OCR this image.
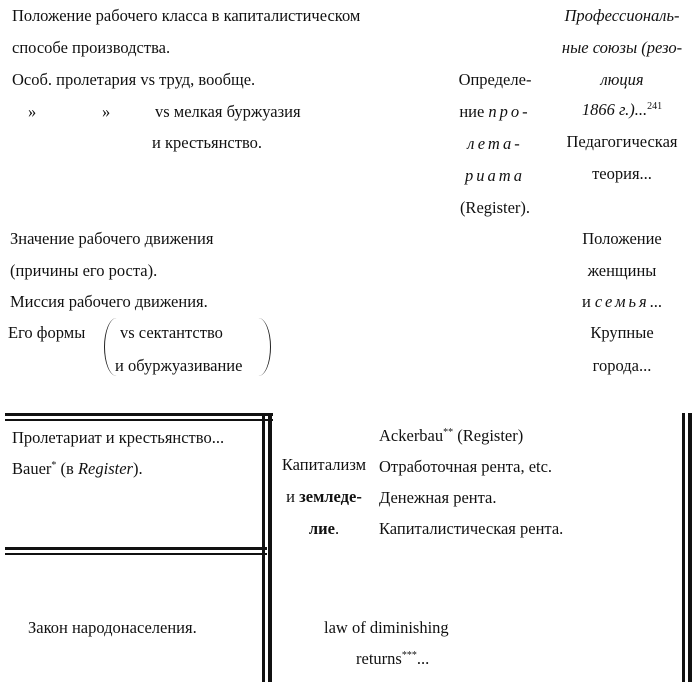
Положение рабочего класса в капиталистическом
способе производства.
Особ. пролетария vs труд, вообще.
»	»	vs мелкая буржуазия
и крестьянство.
Определе-
ние про-
лета-
риата
(Register).
Профессиональ-
ные союзы (резо-
люция
1866 г.)...$^{241}$
Педагогическая
теория...
Значение рабочего движения
(причины его роста).
Миссия рабочего движения.
Его формы vs сектантство
и обуржуазивание
Положение
женщины
и семья...
Крупные
города...
Пролетариат и крестьянство...
Bauer* (в Register).	Капитализм
и земледе-
лие.
Ackerbau** (Register)
Отработочная рента, etc.
Денежная рента.
Капиталистическая рента.
Закон народонаселения.	law of diminishing
returns***...
